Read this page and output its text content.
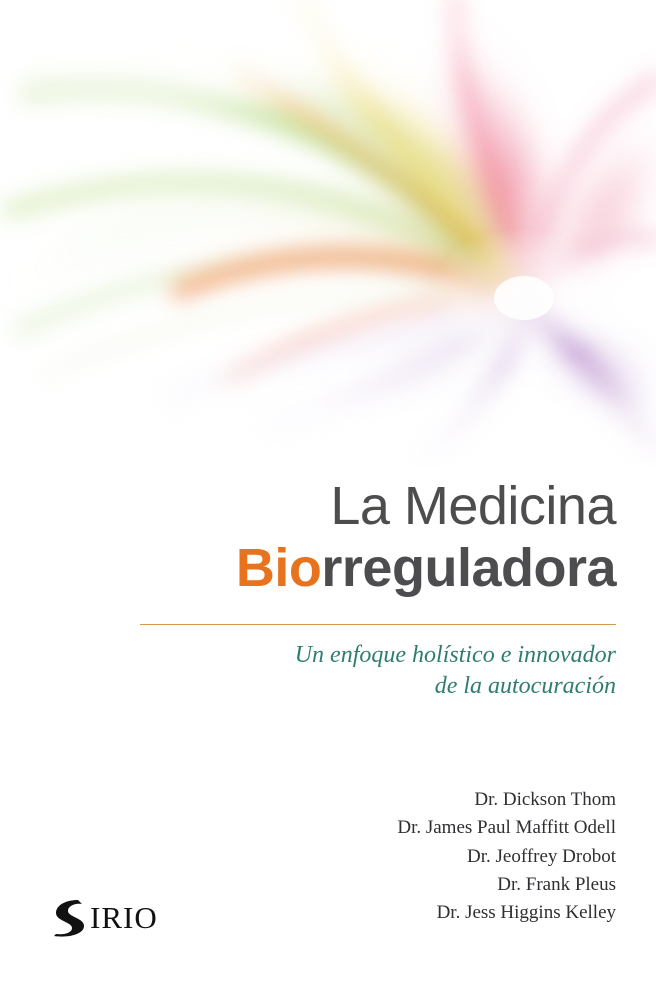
La Medicina
Biorreguladora
Un enfoque holístico e innovador
de la autocuración
Dr. Dickson Thom
Dr. James Paul Maffitt Odell
Dr. Jeoffrey Drobot
Dr. Frank Pleus
Dr. Jess Higgins Kelley
IRIO
